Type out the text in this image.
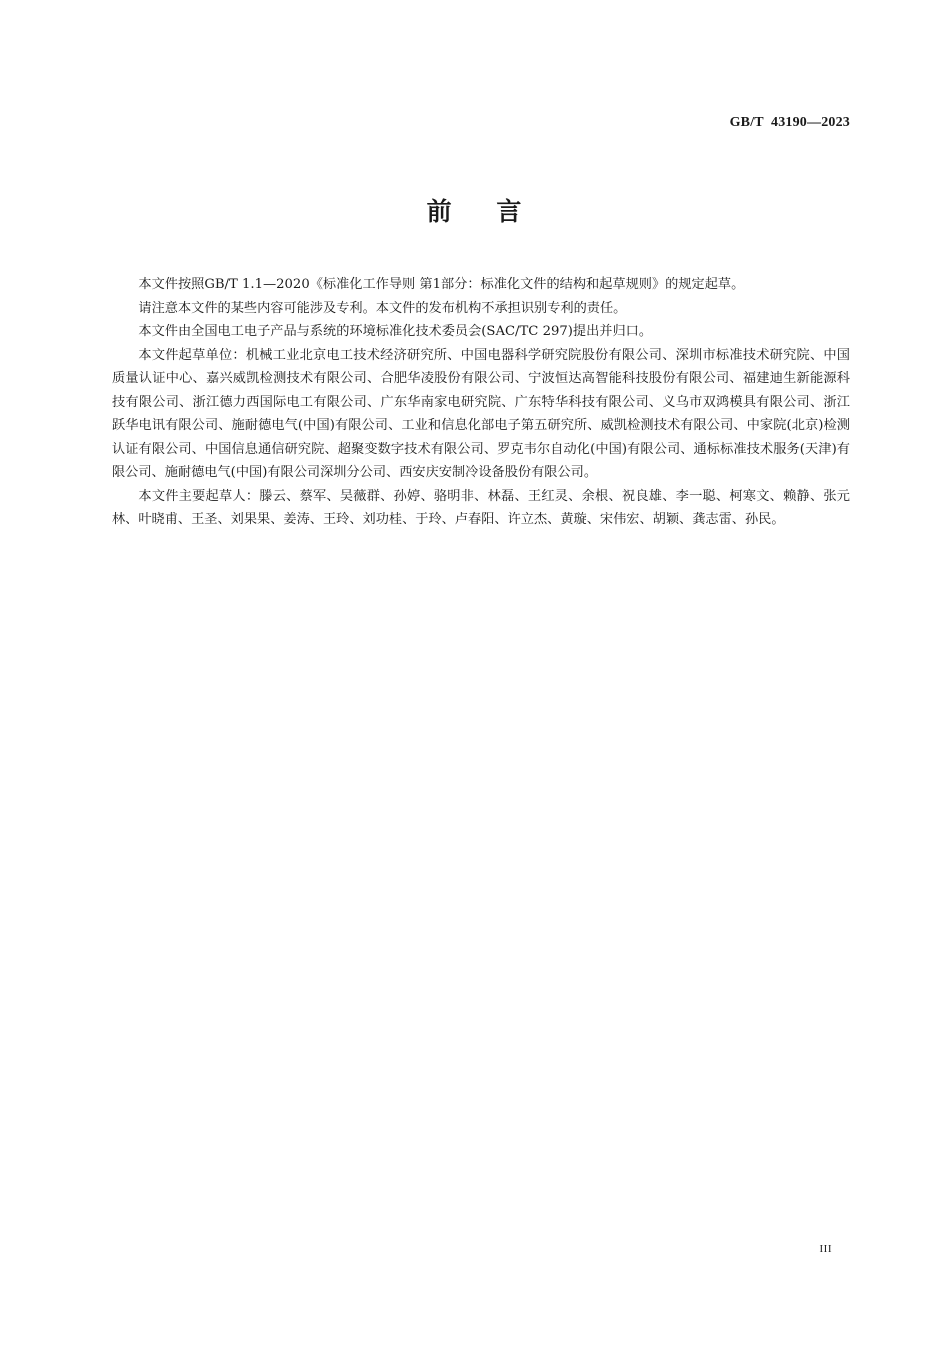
GB/T  43190—2023
前    言

本文件按照GB/T 1.1—2020《标准化工作导则 第1部分：标准化文件的结构和起草规则》的规定起草。

请注意本文件的某些内容可能涉及专利。本文件的发布机构不承担识别专利的责任。

本文件由全国电工电子产品与系统的环境标准化技术委员会(SAC/TC 297)提出并归口。

本文件起草单位：机械工业北京电工技术经济研究所、中国电器科学研究院股份有限公司、深圳市标准技术研究院、中国质量认证中心、嘉兴威凯检测技术有限公司、合肥华凌股份有限公司、宁波恒达高智能科技股份有限公司、福建迪生新能源科技有限公司、浙江德力西国际电工有限公司、广东华南家电研究院、广东特华科技有限公司、义乌市双鸿模具有限公司、浙江跃华电讯有限公司、施耐德电气(中国)有限公司、工业和信息化部电子第五研究所、威凯检测技术有限公司、中家院(北京)检测认证有限公司、中国信息通信研究院、超聚变数字技术有限公司、罗克韦尔自动化(中国)有限公司、通标标准技术服务(天津)有限公司、施耐德电气(中国)有限公司深圳分公司、西安庆安制冷设备股份有限公司。

本文件主要起草人：滕云、蔡军、吴薇群、孙婷、骆明非、林磊、王红灵、余根、祝良雄、李一聪、柯寒文、赖静、张元林、叶晓甫、王圣、刘果果、姜涛、王玲、刘功桂、于玲、卢春阳、许立杰、黄璇、宋伟宏、胡颖、龚志雷、孙民。

III
